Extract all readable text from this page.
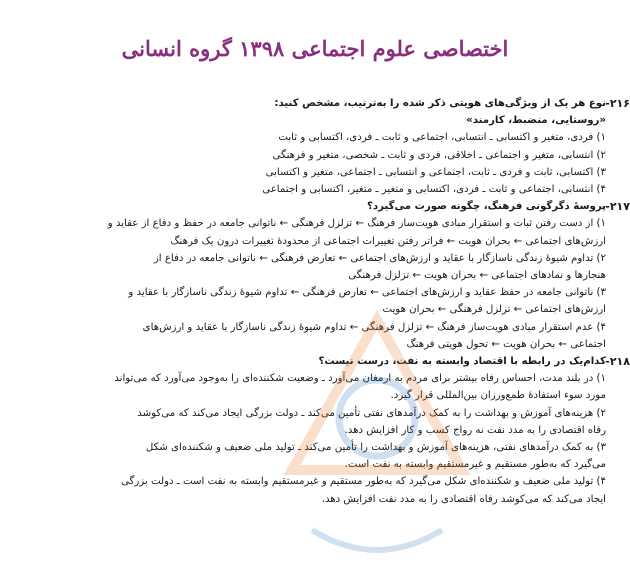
اختصاصی علوم اجتماعی ۱۳۹۸ گروه انسانی
۲۱۶-
نوع هر یک از ویژگی‌های هویتی ذکر شده را به‌ترتیب، مشخص کنید:
«روستایی، منضبط، کارمند»
۱) فردی، متغیر و اکتسابی ـ انتسابی، اجتماعی و ثابت ـ فردی، اکتسابی و ثابت
۲) انتسابی، متغیر و اجتماعی ـ اخلاقی، فردی و ثابت ـ شخصی، متغیر و فرهنگی
۳) اکتسابی، ثابت و فردی ـ ثابت، اجتماعی و انتسابی ـ اجتماعی، متغیر و اکتسابی
۴) انتسابی، اجتماعی و ثابت ـ فردی، اکتسابی و متغیر ـ متغیر، اکتسابی و اجتماعی
۲۱۷-
پروسهٔ دگرگونی فرهنگ، چگونه صورت می‌گیرد؟
۱) از دست رفتن ثبات و استقرار مبادی هویت‌ساز فرهنگ ← تزلزل فرهنگی ← ناتوانی جامعه در حفظ و دفاع از عقاید و
ارزش‌های اجتماعی ← بحران هویت ← فراتر رفتن تغییرات اجتماعی از محدودهٔ تغییرات درون یک فرهنگ
۲) تداوم شیوهٔ زندگی ناسازگار با عقاید و ارزش‌های اجتماعی ← تعارض فرهنگی ← ناتوانی جامعه در دفاع از
هنجارها و نمادهای اجتماعی ← بحران هویت ← تزلزل فرهنگی
۳) ناتوانی جامعه در حفظ عقاید و ارزش‌های اجتماعی ← تعارض فرهنگی ← تداوم شیوهٔ زندگی ناسازگار با عقاید و
ارزش‌های اجتماعی ← تزلزل فرهنگی ← بحران هویت
۴) عدم استقرار مبادی هویت‌ساز فرهنگ ← تزلزل فرهنگی ← تداوم شیوهٔ زندگی ناسازگار با عقاید و ارزش‌های
اجتماعی ← بحران هویت ← تحول هویتی فرهنگ
۲۱۸-
کدام‌یک در رابطه با اقتصاد وابسته به نفت، درست نیست؟
۱) در بلند مدت، احساس رفاه بیشتر برای مردم به ارمغان می‌آورد ـ وضعیت شکننده‌ای را به‌وجود می‌آورد که می‌تواند
مورد سوء استفادهٔ طمع‌ورزان بین‌المللی قرار گیرد.
۲) هزینه‌های آموزش و بهداشت را به کمک درآمدهای نفتی تأمین می‌کند ـ دولت بزرگی ایجاد می‌کند که می‌کوشد
رفاه اقتصادی را به مدد نفت نه رواج کسب و کار افزایش دهد.
۳) به کمک درآمدهای نفتی، هزینه‌های آموزش و بهداشت را تأمین می‌کند ـ تولید ملی ضعیف و شکننده‌ای شکل
می‌گیرد که به‌طور مستقیم و غیرمستقیم وابسته به نفت است.
۴) تولید ملی ضعیف و شکننده‌ای شکل می‌گیرد که به‌طور مستقیم و غیرمستقیم وابسته به نفت است ـ دولت بزرگی
ایجاد می‌کند که می‌کوشد رفاه اقتصادی را به مدد نفت افزایش دهد.
